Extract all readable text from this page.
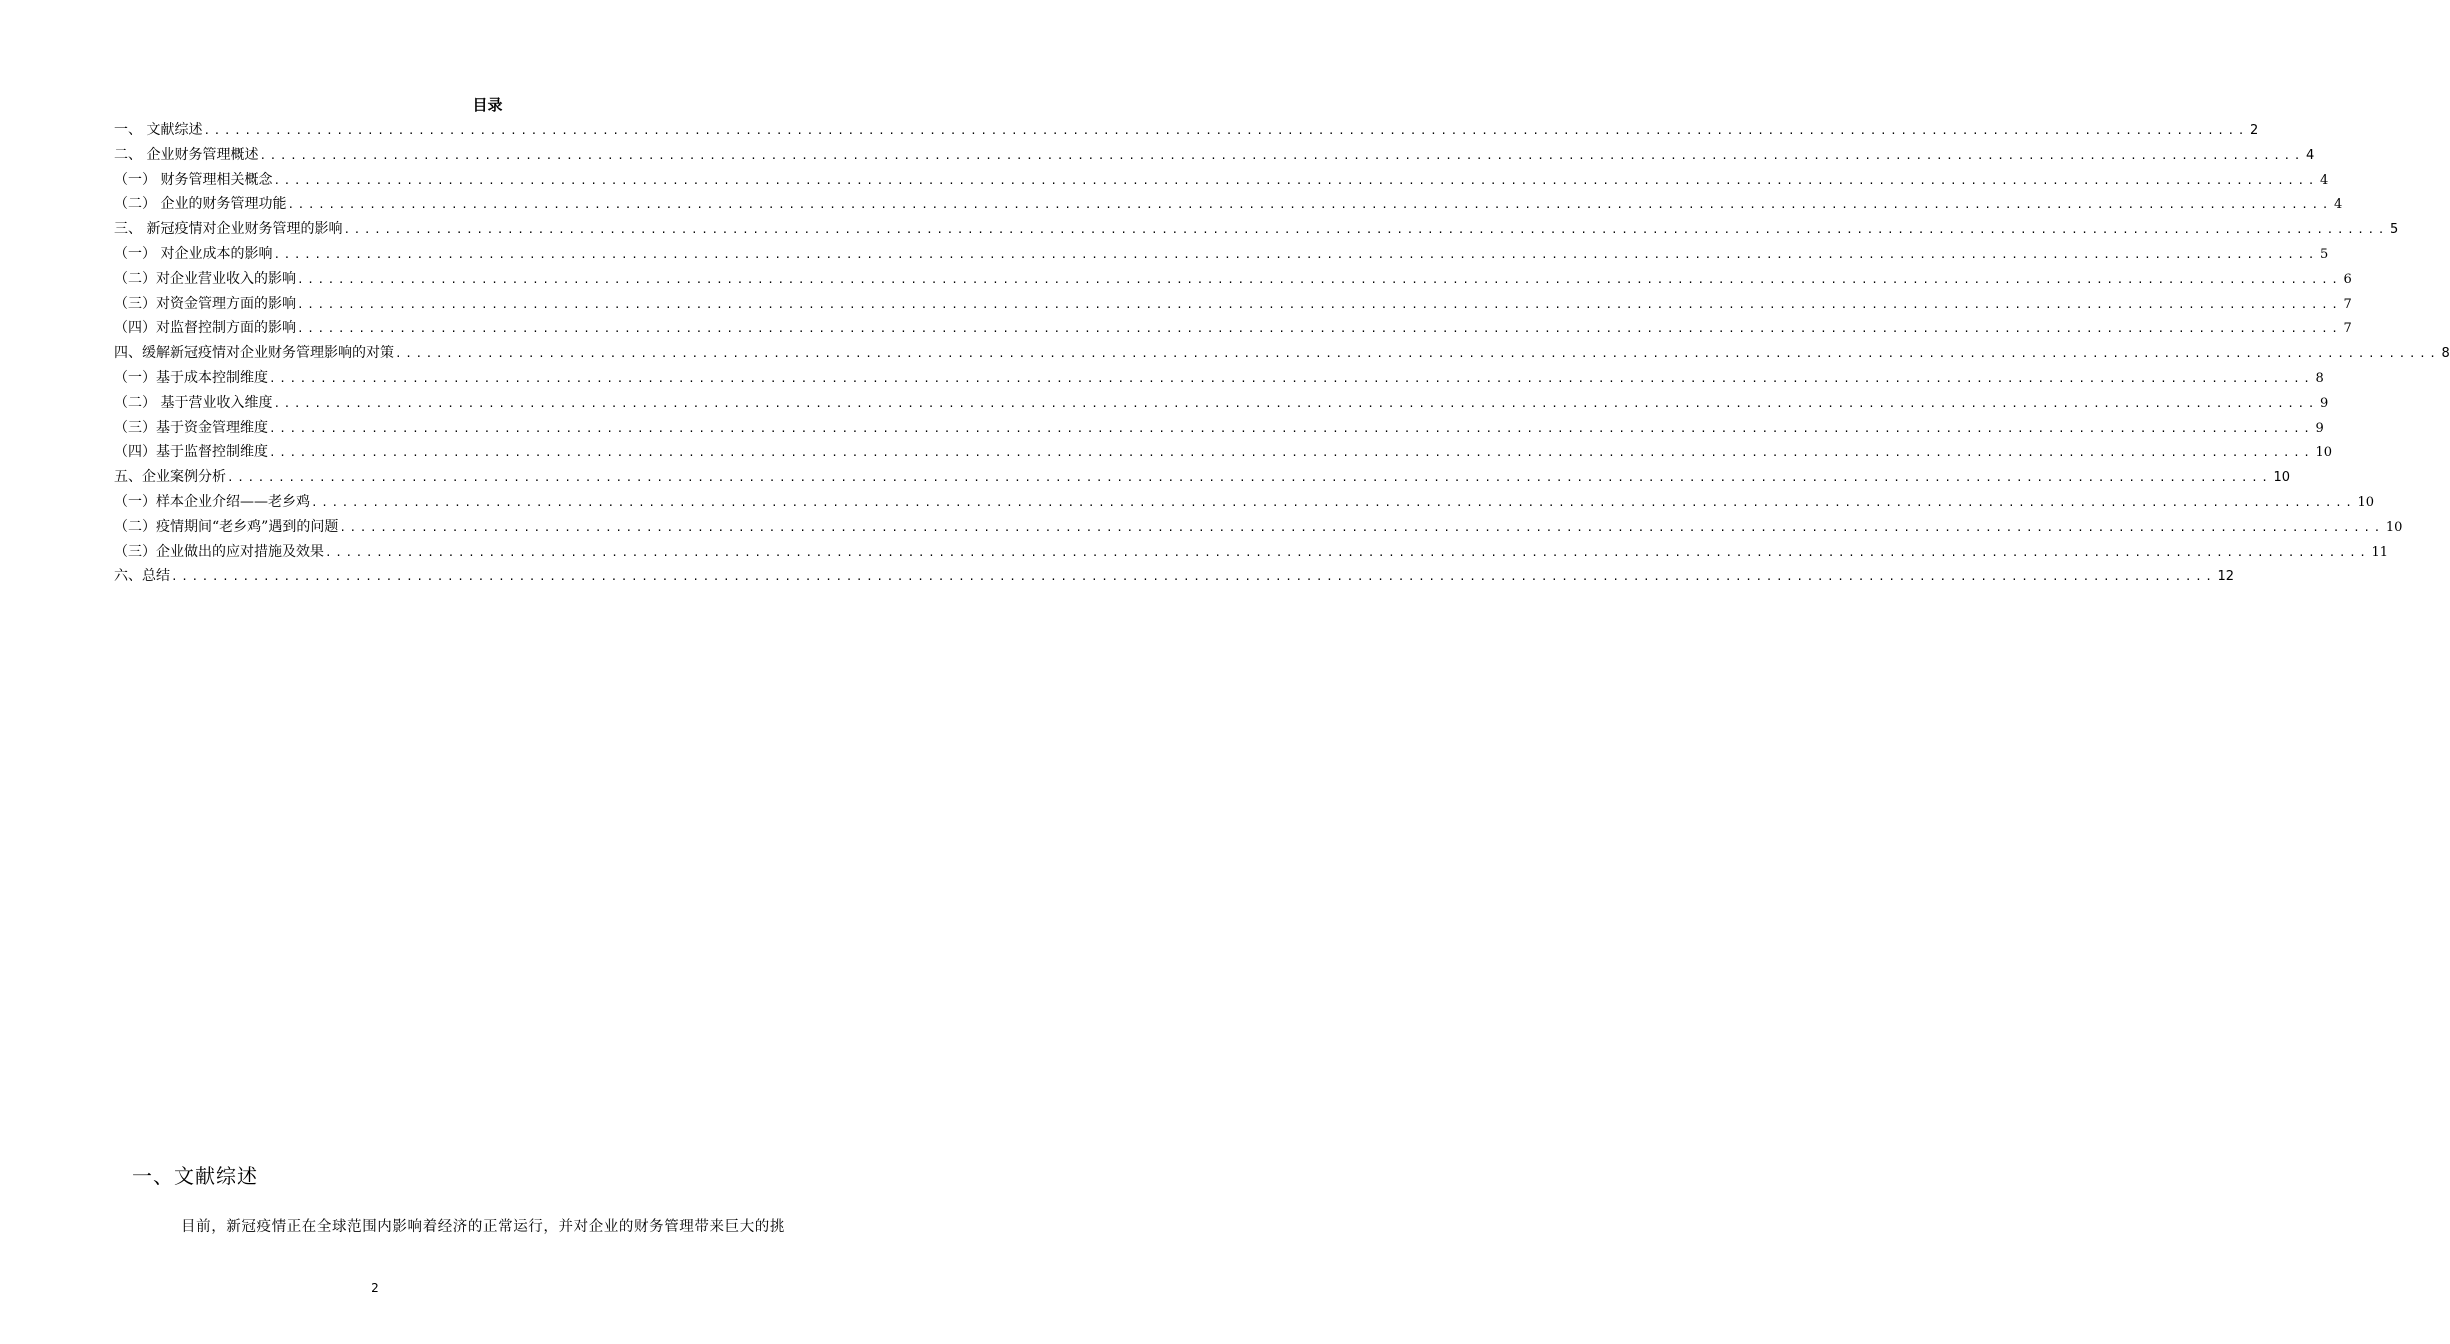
目录
一、 文献综述 ........................................................................................................................................................................................................ 2
二、 企业财务管理概述 ........................................................................................................................................................................................................ 4
（一） 财务管理相关概念 ........................................................................................................................................................................................................ 4
（二） 企业的财务管理功能 ........................................................................................................................................................................................................ 4
三、 新冠疫情对企业财务管理的影响 ........................................................................................................................................................................................................ 5
（一） 对企业成本的影响 ........................................................................................................................................................................................................ 5
（二）对企业营业收入的影响 ........................................................................................................................................................................................................ 6
（三）对资金管理方面的影响 ........................................................................................................................................................................................................ 7
（四）对监督控制方面的影响 ........................................................................................................................................................................................................ 7
四、缓解新冠疫情对企业财务管理影响的对策 ........................................................................................................................................................................................................ 8
（一）基于成本控制维度 ........................................................................................................................................................................................................ 8
（二） 基于营业收入维度 ........................................................................................................................................................................................................ 9
（三）基于资金管理维度 ........................................................................................................................................................................................................ 9
（四）基于监督控制维度 ........................................................................................................................................................................................................ 10
五、企业案例分析 ........................................................................................................................................................................................................ 10
（一）样本企业介绍——老乡鸡 ........................................................................................................................................................................................................ 10
（二）疫情期间“老乡鸡”遇到的问题 ........................................................................................................................................................................................................ 10
（三）企业做出的应对措施及效果 ........................................................................................................................................................................................................ 11
六、总结 ........................................................................................................................................................................................................ 12
一、文献综述
目前，新冠疫情正在全球范围内影响着经济的正常运行，并对企业的财务管理带来巨大的挑
2
